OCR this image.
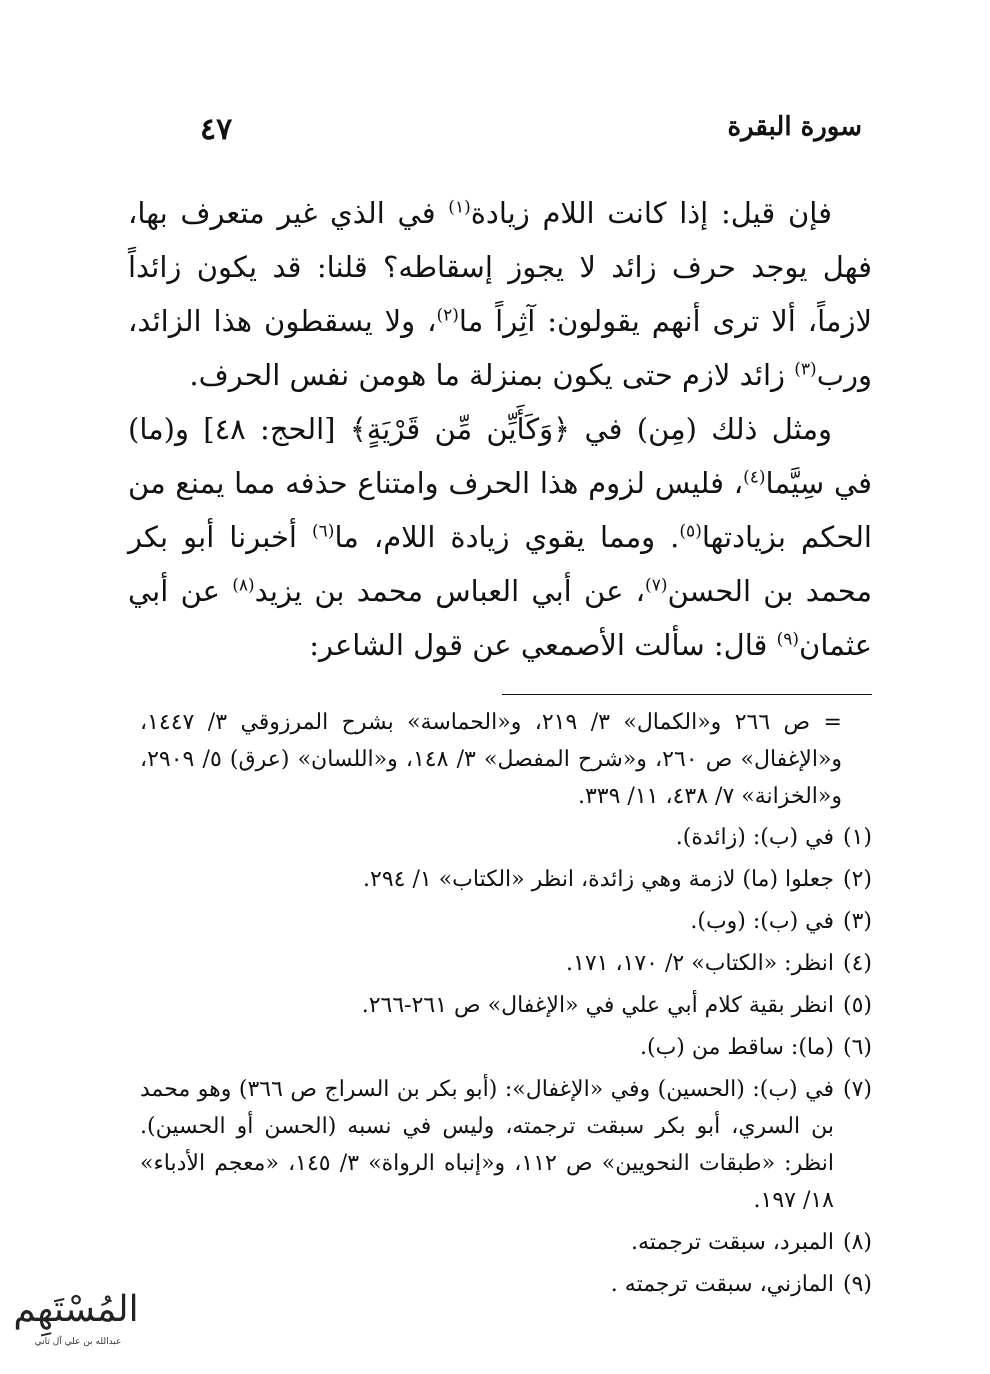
سورة البقرة
٤٧

فإن قيل: إذا كانت اللام زيادة$^{(١)}$ في الذي غير متعرف بها، فهل يوجد حرف زائد لا يجوز إسقاطه؟ قلنا: قد يكون زائداً لازماً، ألا ترى أنهم يقولون: آثِراً ما$^{(٢)}$، ولا يسقطون هذا الزائد، ورب$^{(٣)}$ زائد لازم حتى يكون بمنزلة ما هومن نفس الحرف.

ومثل ذلك (مِن) في ﴿وَكَأَيِّن مِّن قَرْيَةٍ﴾ [الحج: ٤٨] و(ما) في سِيَّما$^{(٤)}$، فليس لزوم هذا الحرف وامتناع حذفه مما يمنع من الحكم بزيادتها$^{(٥)}$. ومما يقوي زيادة اللام، ما$^{(٦)}$ أخبرنا أبو بكر محمد بن الحسن$^{(٧)}$، عن أبي العباس محمد بن يزيد$^{(٨)}$ عن أبي عثمان$^{(٩)}$ قال: سألت الأصمعي عن قول الشاعر:

= ص ٢٦٦ و«الكمال» ٣/ ٢١٩، و«الحماسة» بشرح المرزوقي ٣/ ١٤٤٧، و«الإغفال» ص ٢٦٠، و«شرح المفصل» ٣/ ١٤٨، و«اللسان» (عرق) ٥/ ٢٩٠٩، و«الخزانة» ٧/ ٤٣٨، ١١/ ٣٣٩.

(١)
في (ب): (زائدة).
(٢)
جعلوا (ما) لازمة وهي زائدة، انظر «الكتاب» ١/ ٢٩٤.
(٣)
في (ب): (وب).
(٤)
انظر: «الكتاب» ٢/ ١٧٠، ١٧١.
(٥)
انظر بقية كلام أبي علي في «الإغفال» ص ٢٦١-٢٦٦.
(٦)
(ما): ساقط من (ب).
(٧)
في (ب): (الحسين) وفي «الإغفال»: (أبو بكر بن السراج ص ٣٦٦) وهو محمد بن السري، أبو بكر سبقت ترجمته، وليس في نسبه (الحسن أو الحسين). انظر: «طبقات النحويين» ص ١١٢، و«إنباه الرواة» ٣/ ١٤٥، «معجم الأدباء» ١٨/ ١٩٧.
(٨)
المبرد، سبقت ترجمته.
(٩)
المازني، سبقت ترجمته .
المُسْتَهِم
عبدالله بن علي آل ثاني
